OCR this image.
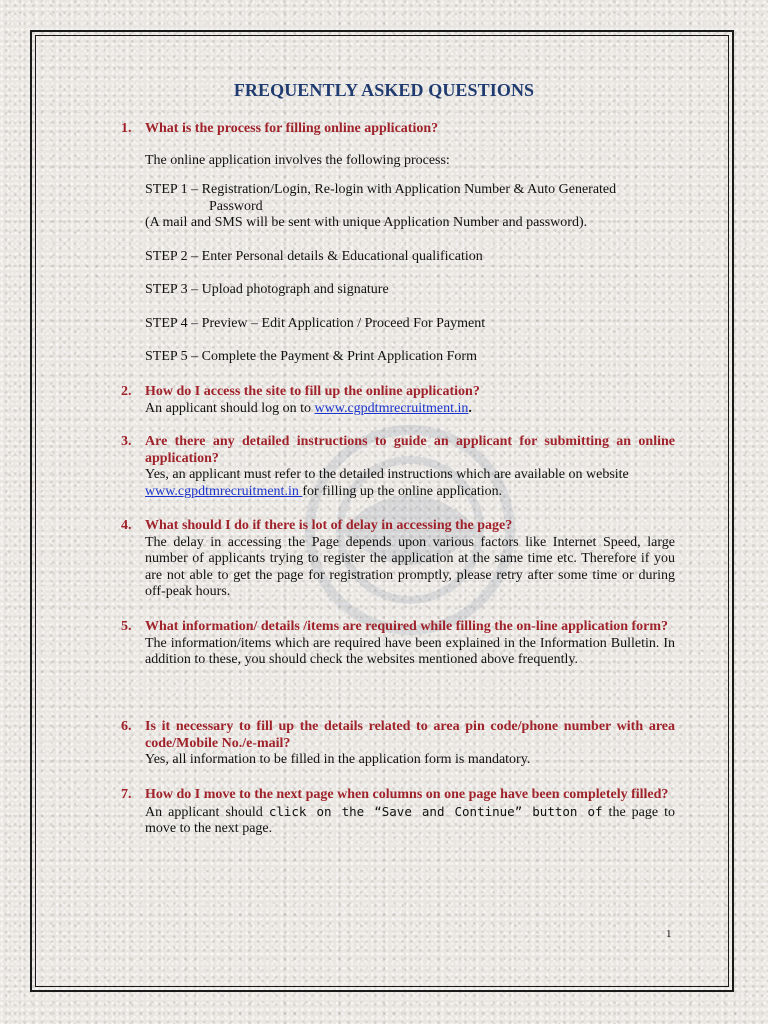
FREQUENTLY ASKED QUESTIONS
1. What is the process for filling online application?
The online application involves the following process:
STEP 1 – Registration/Login, Re-login with Application Number & Auto Generated
Password
(A mail and SMS will be sent with unique Application Number and password).
STEP 2 – Enter Personal details & Educational qualification
STEP 3 – Upload photograph and signature
STEP 4 – Preview – Edit Application / Proceed For Payment
STEP 5 – Complete the Payment & Print Application Form
2. How do I access the site to fill up the online application?
An applicant should log on to www.cgpdtmrecruitment.in.
3. Are there any detailed instructions to guide an applicant for submitting an online application?
Yes, an applicant must refer to the detailed instructions which are available on website www.cgpdtmrecruitment.in for filling up the online application.
4. What should I do if there is lot of delay in accessing the page?
The delay in accessing the Page depends upon various factors like Internet Speed, large number of applicants trying to register the application at the same time etc. Therefore if you are not able to get the page for registration promptly, please retry after some time or during off-peak hours.
5. What information/ details /items are required while filling the on-line application form?
The information/items which are required have been explained in the Information Bulletin. In addition to these, you should check the websites mentioned above frequently.
6. Is it necessary to fill up the details related to area pin code/phone number with area code/Mobile No./e-mail?
Yes, all information to be filled in the application form is mandatory.
7. How do I move to the next page when columns on one page have been completely filled?
An applicant should click on the “Save and Continue” button of the page to move to the next page.
1
